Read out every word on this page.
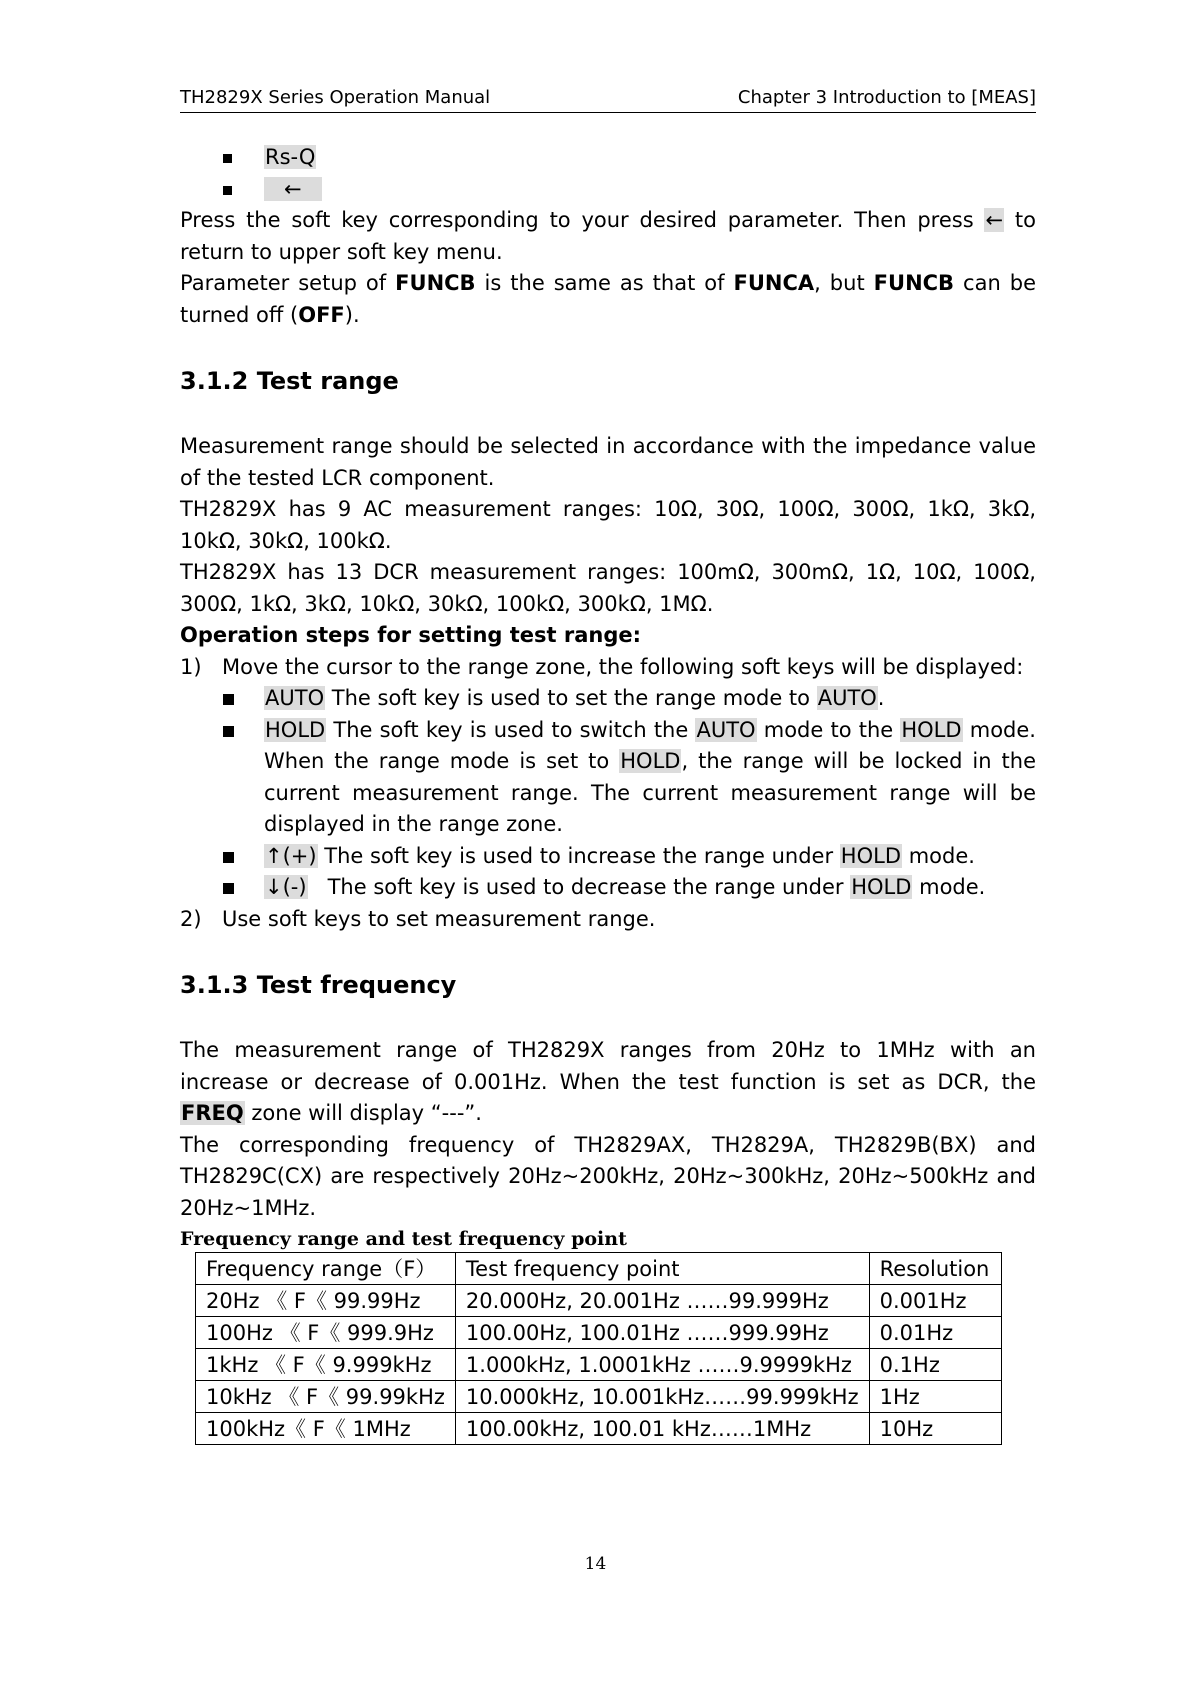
TH2829X Series Operation Manual	Chapter 3 Introduction to [MEAS]
Rs-Q
←

Press the soft key corresponding to your desired parameter. Then press ← to return to upper soft key menu.

Parameter setup of FUNCB is the same as that of FUNCA, but FUNCB can be turned off (OFF).

3.1.2 Test range

Measurement range should be selected in accordance with the impedance value of the tested LCR component.

TH2829X has 9 AC measurement ranges: 10Ω, 30Ω, 100Ω, 300Ω, 1kΩ, 3kΩ, 10kΩ, 30kΩ, 100kΩ.

TH2829X has 13 DCR measurement ranges: 100mΩ, 300mΩ, 1Ω, 10Ω, 100Ω, 300Ω, 1kΩ, 3kΩ, 10kΩ, 30kΩ, 100kΩ, 300kΩ, 1MΩ.

Operation steps for setting test range:

1) Move the cursor to the range zone, the following soft keys will be displayed:
AUTO The soft key is used to set the range mode to AUTO.
HOLD The soft key is used to switch the AUTO mode to the HOLD mode. When the range mode is set to HOLD, the range will be locked in the current measurement range. The current measurement range will be displayed in the range zone.
↑(+) The soft key is used to increase the range under HOLD mode.
↓(-) The soft key is used to decrease the range under HOLD mode.
2) Use soft keys to set measurement range.
3.1.3 Test frequency

The measurement range of TH2829X ranges from 20Hz to 1MHz with an increase or decrease of 0.001Hz. When the test function is set as DCR, the FREQ zone will display “---”.

The corresponding frequency of TH2829AX, TH2829A, TH2829B(BX) and TH2829C(CX) are respectively 20Hz~200kHz, 20Hz~300kHz, 20Hz~500kHz and 20Hz~1MHz.

Frequency range and test frequency point
Frequency range（F）	Test frequency point	Resolution
20Hz 《 F《 99.99Hz	20.000Hz, 20.001Hz ……99.999Hz	0.001Hz
100Hz 《 F《 999.9Hz	100.00Hz, 100.01Hz ……999.99Hz	0.01Hz
1kHz 《 F《 9.999kHz	1.000kHz, 1.0001kHz ……9.9999kHz	0.1Hz
10kHz 《 F《 99.99kHz	10.000kHz, 10.001kHz……99.999kHz	1Hz
100kHz《 F《 1MHz	100.00kHz, 100.01 kHz……1MHz	10Hz
14
